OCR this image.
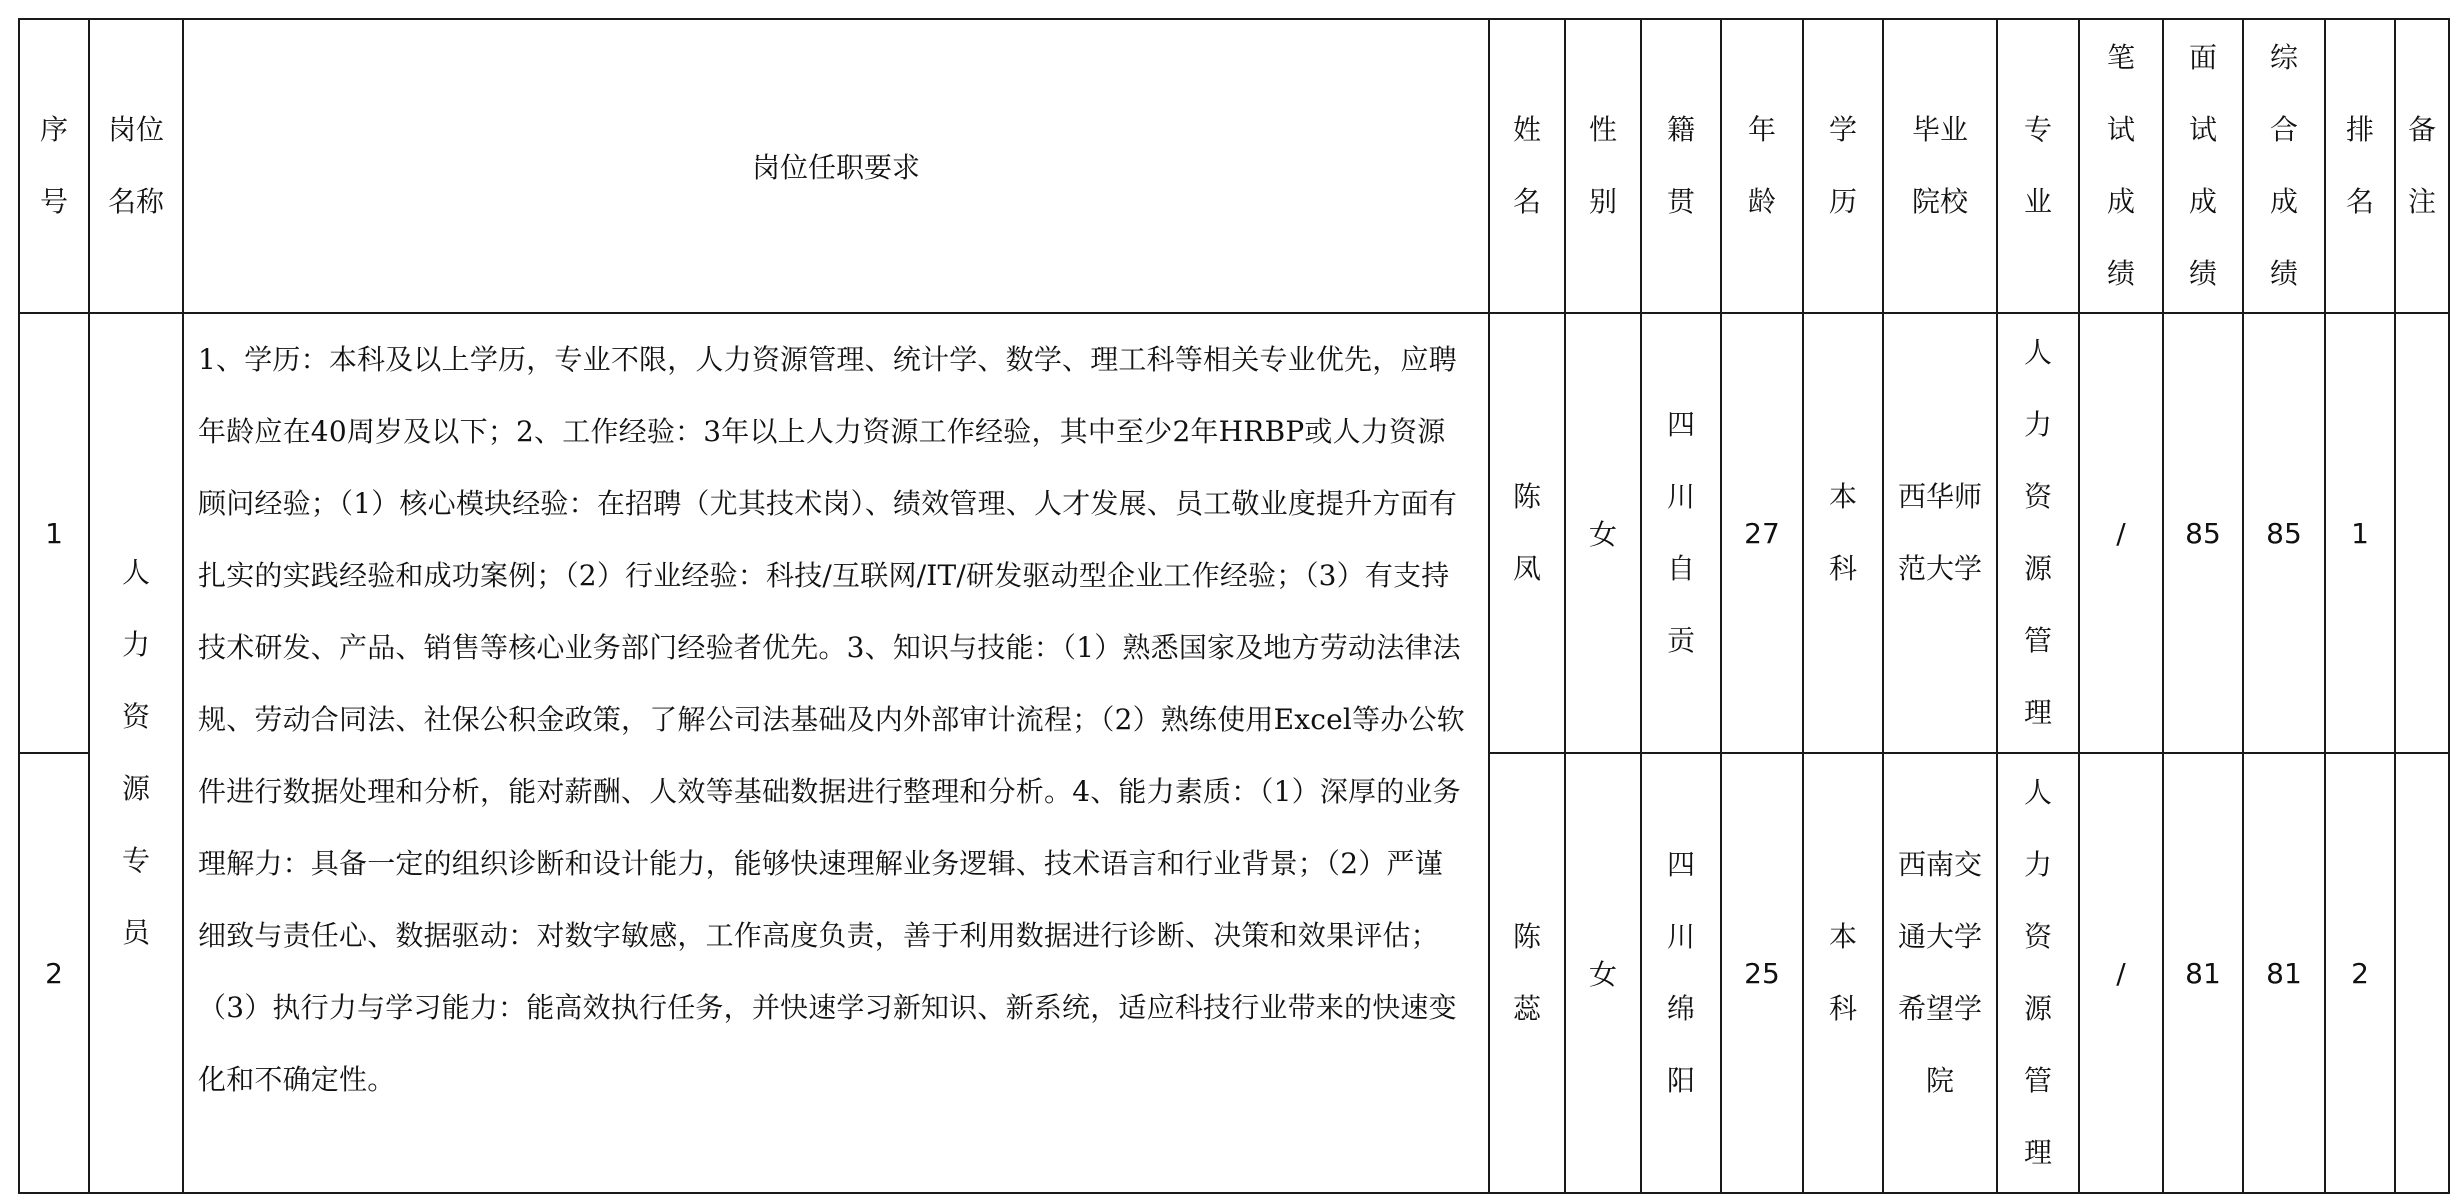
序号	岗位名称	岗位任职要求	姓名	性别	籍贯	年龄	学历	毕业院校	专业	笔试成绩	面试成绩	综合成绩	排名	备注
1	人力资源专员	1、学历：本科及以上学历，专业不限，人力资源管理、统计学、数学、理工科等相关专业优先，应聘年龄应在40周岁及以下；2、工作经验：3年以上人力资源工作经验，其中至少2年HRBP或人力资源顾问经验；（1）核心模块经验：在招聘（尤其技术岗）、绩效管理、人才发展、员工敬业度提升方面有扎实的实践经验和成功案例；（2）行业经验：科技/互联网/IT/研发驱动型企业工作经验；（3）有支持技术研发、产品、销售等核心业务部门经验者优先。3、知识与技能：（1）熟悉国家及地方劳动法律法规、劳动合同法、社保公积金政策，了解公司法基础及内外部审计流程；（2）熟练使用Excel等办公软件进行数据处理和分析，能对薪酬、人效等基础数据进行整理和分析。4、能力素质：（1）深厚的业务理解力：具备一定的组织诊断和设计能力，能够快速理解业务逻辑、技术语言和行业背景；（2）严谨细致与责任心、数据驱动：对数字敏感，工作高度负责，善于利用数据进行诊断、决策和效果评估；（3）执行力与学习能力：能高效执行任务，并快速学习新知识、新系统，适应科技行业带来的快速变化和不确定性。	陈凤	女	四川自贡	27	本科	西华师范大学	人力资源管理	/	85	85	1	
2			陈蕊	女	四川绵阳	25	本科	西南交通大学希望学院	人力资源管理	/	81	81	2	
